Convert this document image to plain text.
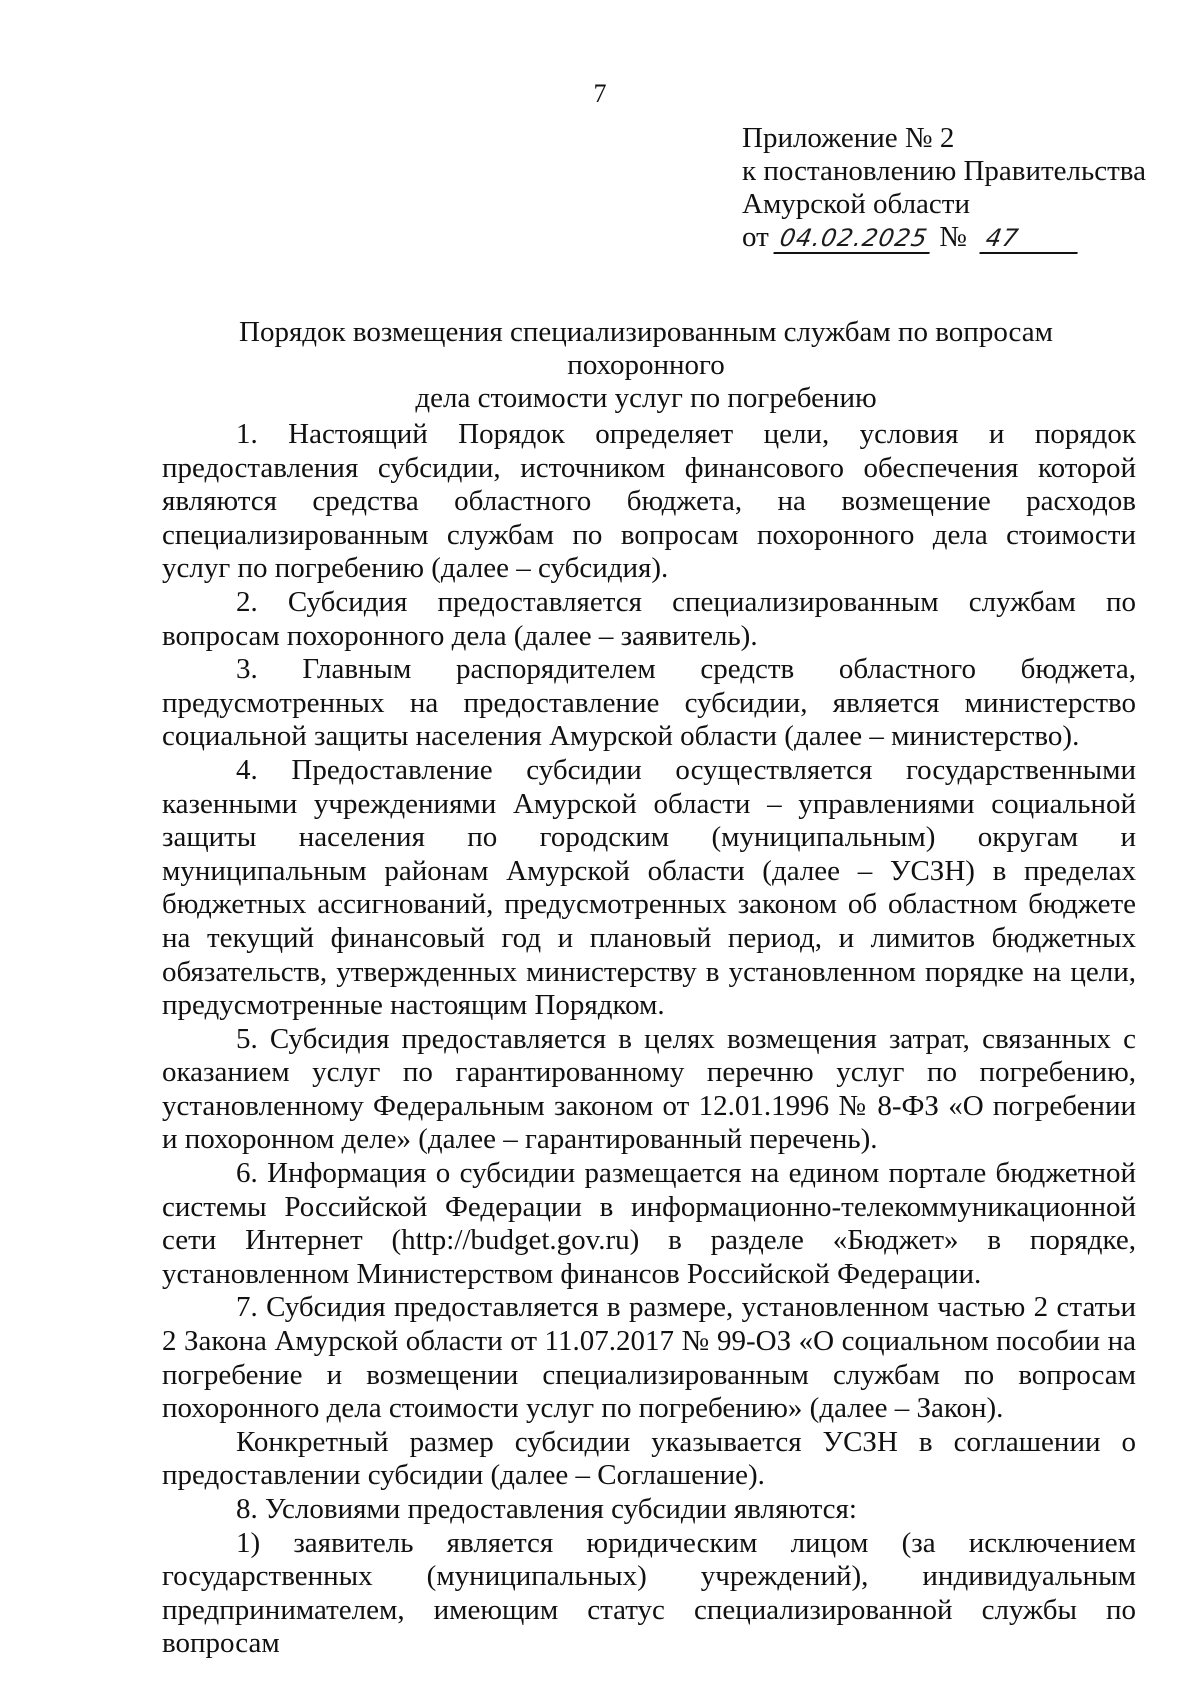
7
Приложение № 2
к постановлению Правительства
Амурской области
от 04.02.2025 № 47
Порядок возмещения специализированным службам по вопросам похоронного
дела стоимости услуг по погребению

1. Настоящий Порядок определяет цели, условия и порядок предоставления субсидии, источником финансового обеспечения которой являются средства областного бюджета, на возмещение расходов специализированным службам по вопросам похоронного дела стоимости услуг по погребению (далее – субсидия).

2. Субсидия предоставляется специализированным службам по вопросам похоронного дела (далее – заявитель).

3. Главным распорядителем средств областного бюджета, предусмотренных на предоставление субсидии, является министерство социальной защиты населения Амурской области (далее – министерство).

4. Предоставление субсидии осуществляется государственными казенными учреждениями Амурской области – управлениями социальной защиты населения по городским (муниципальным) округам и муниципальным районам Амурской области (далее – УСЗН) в пределах бюджетных ассигнований, предусмотренных законом об областном бюджете на текущий финансовый год и плановый период, и лимитов бюджетных обязательств, утвержденных министерству в установленном порядке на цели, предусмотренные настоящим Порядком.

5. Субсидия предоставляется в целях возмещения затрат, связанных с оказанием услуг по гарантированному перечню услуг по погребению, установленному Федеральным законом от 12.01.1996 № 8-ФЗ «О погребении и похоронном деле» (далее – гарантированный перечень).

6. Информация о субсидии размещается на едином портале бюджетной системы Российской Федерации в информационно-телекоммуникационной сети Интернет (http://budget.gov.ru) в разделе «Бюджет» в порядке, установленном Министерством финансов Российской Федерации.

7. Субсидия предоставляется в размере, установленном частью 2 статьи 2 Закона Амурской области от 11.07.2017 № 99-ОЗ «О социальном пособии на погребение и возмещении специализированным службам по вопросам похоронного дела стоимости услуг по погребению» (далее – Закон).

Конкретный размер субсидии указывается УСЗН в соглашении о предоставлении субсидии (далее – Соглашение).

8. Условиями предоставления субсидии являются:

1) заявитель является юридическим лицом (за исключением государственных (муниципальных) учреждений), индивидуальным предпринимателем, имеющим статус специализированной службы по вопросам
